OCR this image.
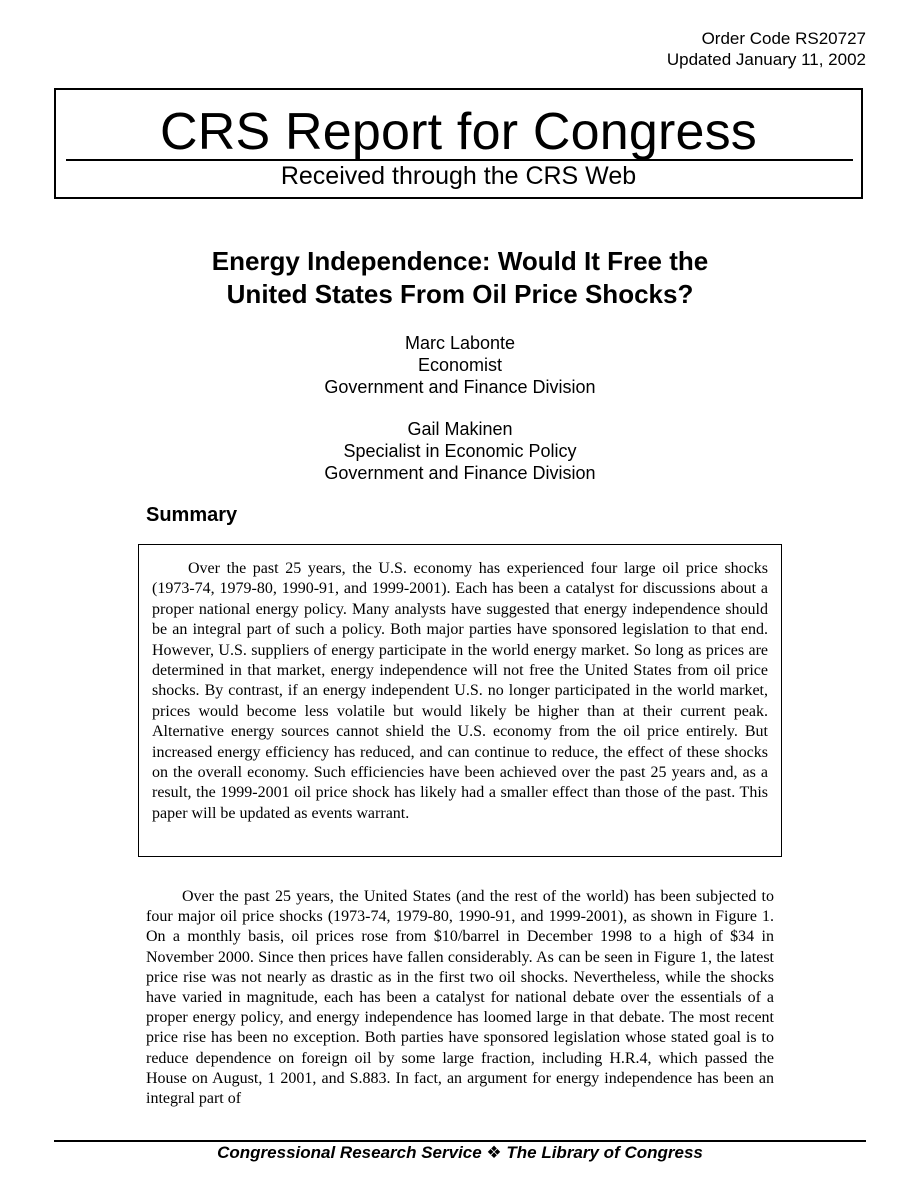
Order Code RS20727
Updated January 11, 2002
CRS Report for Congress
Received through the CRS Web
Energy Independence: Would It Free the
United States From Oil Price Shocks?
Marc Labonte
Economist
Government and Finance Division
Gail Makinen
Specialist in Economic Policy
Government and Finance Division
Summary

Over the past 25 years, the U.S. economy has experienced four large oil price shocks (1973-74, 1979-80, 1990-91, and 1999-2001). Each has been a catalyst for discussions about a proper national energy policy. Many analysts have suggested that energy independence should be an integral part of such a policy. Both major parties have sponsored legislation to that end. However, U.S. suppliers of energy participate in the world energy market. So long as prices are determined in that market, energy independence will not free the United States from oil price shocks. By contrast, if an energy independent U.S. no longer participated in the world market, prices would become less volatile but would likely be higher than at their current peak. Alternative energy sources cannot shield the U.S. economy from the oil price entirely. But increased energy efficiency has reduced, and can continue to reduce, the effect of these shocks on the overall economy. Such efficiencies have been achieved over the past 25 years and, as a result, the 1999-2001 oil price shock has likely had a smaller effect than those of the past. This paper will be updated as events warrant.

Over the past 25 years, the United States (and the rest of the world) has been subjected to four major oil price shocks (1973-74, 1979-80, 1990-91, and 1999-2001), as shown in Figure 1. On a monthly basis, oil prices rose from $10/barrel in December 1998 to a high of $34 in November 2000. Since then prices have fallen considerably. As can be seen in Figure 1, the latest price rise was not nearly as drastic as in the first two oil shocks. Nevertheless, while the shocks have varied in magnitude, each has been a catalyst for national debate over the essentials of a proper energy policy, and energy independence has loomed large in that debate. The most recent price rise has been no exception. Both parties have sponsored legislation whose stated goal is to reduce dependence on foreign oil by some large fraction, including H.R.4, which passed the House on August, 1 2001, and S.883. In fact, an argument for energy independence has been an integral part of

Congressional Research Service ❖ The Library of Congress
